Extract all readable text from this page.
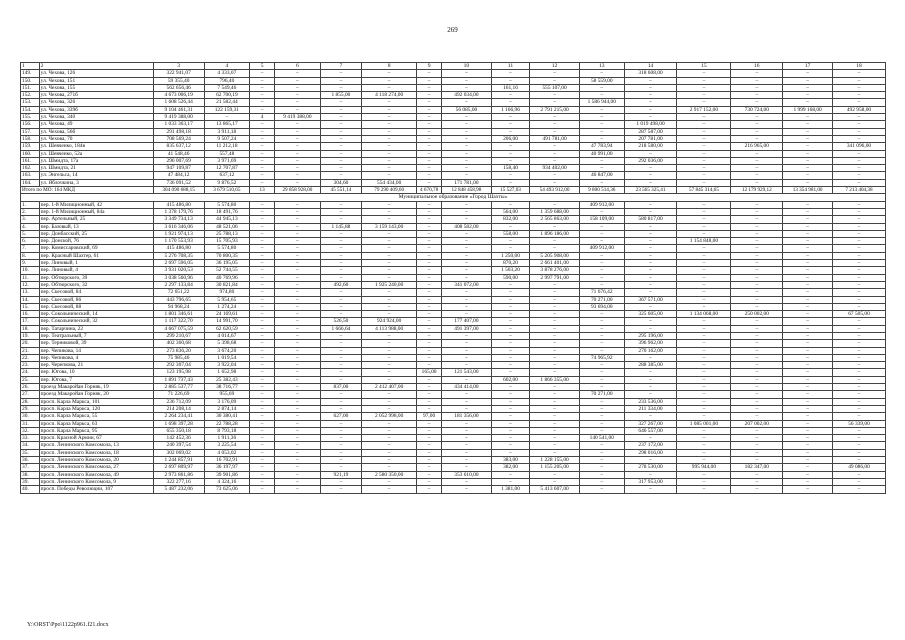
269
1	2	3	4	5	6	7	8	9	10	11	12	13	14	15	16	17	18
149.	ул. Чехова, 126	322 941,07	4 333,07	–	–	–	–	–	–	–	–	–	318 608,00	–	–	–	–
150.	ул. Чехова, 151	59 355,40	796,40	–	–	–	–	–	–	–	–	58 559,00	–	–	–	–	–
151.	ул. Чехова, 155	562 656,46	7 549,46	–	–	–	–	–	–	161,16	555 107,00	–	–	–	–	–	–
152.	ул. Чехова, 271б	4 673 006,19	62 700,19	–	–	1 855,00	4 118 274,00	–	492 034,00	–	–	–	–	–	–	–	–
153.	ул. Чехова, 326	1 608 526,44	21 582,44	–	–	–	–	–	–	–	–	1 586 944,00	–	–	–	–	–
154.	ул. Чехова, 339б	9 104 461,31	122 159,31	–	–	–	–	–	56 085,00	1 166,96	2 791 215,00	–	–	2 917 152,00	730 724,00	1 999 168,00	492 958,00
155.	ул. Чехова, 340	9 419 388,00	–	4	9 419 388,00	–	–	–	–	–	–	–	–	–	–	–	–
156.	ул. Чехова, 49	1 033 363,17	13 865,17	–	–	–	–	–	–	–	–	–	1 019 498,00	–	–	–	–
157.	ул. Чехова, 56б	291 498,18	3 911,18	–	–	–	–	–	–	–	–	–	287 587,00	–	–	–	–
158.	ул. Чехова, 70	708 569,24	9 507,24	–	–	–	–	–	–	206,00	491 781,00	–	207 781,00	–	–	–	–
159.	ул. Шевченко, 184в	835 637,12	11 212,18	–	–	–	–	–	–	–	–	47 783,94	218 580,00	–	216 965,00	–	341 096,00
160.	ул. Шевченко, 52а	41 548,46	557,48	–	–	–	–	–	–	–	–	40 991,00	–	–	–	–	–
161.	ул. Шмидта, 17а	296 007,69	3 971,69	–	–	–	–	–	–	–	–	–	292 036,00	–	–	–	–
162.	ул. Шмидта, 21	947 109,87	12 707,87	–	–	–	–	–	–	158,40	934 402,00	–	–	–	–	–	–
163.	ул. Энгельса, 14	47 484,12	637,12	–	–	–	–	–	–	–	–	46 847,00	–	–	–	–	–
164.	ул. Яблочкина, 3	736 091,52	9 876,52	–	–	304,60	554 434,00	–	171 781,00	–	–	–	–	–	–	–	–
Итого по МО: 164 МКД		304 090 688,15	3 679 510,65	13	29 858 928,00	45 551,14	79 290 409,60	4 670,78	12 848 458,98	15 527,03	54 493 912,00	9 800 514,36	23 565 325,41	57 845 314,65	12 179 929,12	13 354 981,00	7 213 404,38
Муниципальное образование «Город Шахты»																	
1.	пер. 1-й Милиционный, 42	415 486,80	5 574,80	–	–	–	–	–	–	–	–	409 912,00	–	–	–	–	–
2.	пер. 1-й Милиционный, 84а	1 378 179,76	18 491,76	–	–	–	–	–	–	564,00	1 359 688,00	–	–	–	–	–	–
3.	пер. Артельный, 25	3 349 734,13	44 945,13	–	–	–	–	–	–	832,00	2 565 863,00	158 109,00	580 817,00	–	–	–	–
4.	пер. Базовый, 13	3 616 346,06	48 521,06	–	–	1 145,88	3 159 143,00	–	408 582,00	–	–	–	–	–	–	–	–
5.	пер. Донбасский, 25	1 921 974,13	25 788,13	–	–	–	–	–	–	558,00	1 896 186,00	–	–	–	–	–	–
6.	пер. Донской, 76	1 170 553,93	15 705,93	–	–	–	–	–	–	–	–	–	–	1 154 848,00	–	–	–
7.	пер. Комиссаровский, 69	415 486,80	5 574,80	–	–	–	–	–	–	–	–	409 912,00	–	–	–	–	–
8.	пер. Красный Шахтер, 61	5 276 708,35	70 800,35	–	–	–	–	–	–	1 250,00	5 205 908,00	–	–	–	–	–	–
9.	пер. Линовый, 1	2 697 596,05	36 195,05	–	–	–	–	–	–	870,20	2 661 401,00	–	–	–	–	–	–
10.	пер. Линовый, 4	3 931 020,53	52 744,55	–	–	–	–	–	–	1 503,20	3 878 276,00	–	–	–	–	–	–
11.	пер. Обтюрского, 39	3 038 560,96	40 769,96	–	–	–	–	–	–	590,00	2 997 791,00	–	–	–	–	–	–
12.	пер. Обтюрского, 32	2 297 133,84	30 821,84	–	–	492,60	1 925 240,00	–	341 072,00	–	–	–	–	–	–	–	–
13.	пер. Скесовой, 84	72 651,22	974,80	–	–	–	–	–	–	–	–	71 676,42	–	–	–	–	–
14.	пер. Скесовой, 86	443 796,65	5 954,65	–	–	–	–	–	–	–	–	70 271,00	367 571,00	–	–	–	–
15.	пер. Скесовой, 88	94 968,24	1 274,24	–	–	–	–	–	–	–	–	93 694,00	–	–	–	–	–
16.	пер. Сокольнический, 14	1 801 346,61	24 169,61	–	–	–	–	–	–	–	–	–	325 605,00	1 134 068,00	250 002,00	–	67 505,00
17.	пер. Сокольнический, 32	1 117 322,70	14 991,70	–	–	526,50	924 924,00	–	177 407,00	–	–	–	–	–	–	–	–
18.	пер. Татарчина, 22	4 667 075,59	62 620,59	–	–	1 666,64	4 113 988,00	–	491 397,00	–	–	–	–	–	–	–	–
19.	пер. Театральный, 7	299 210,67	4 014,67	–	–	–	–	–	–	–	–	–	295 196,00	–	–	–	–
20.	пер. Терниковой, 39	402 360,68	5 398,68	–	–	–	–	–	–	–	–	–	396 962,00	–	–	–	–
21.	пер. Чепикова, 14	273 836,20	3 674,20	–	–	–	–	–	–	–	–	–	270 162,00	–	–	–	–
22.	пер. Чепикова, 4	75 985,46	1 019,54	–	–	–	–	–	–	–	–	74 965,92	–	–	–	–	–
23.	пер. Черепкова, 21	292 307,04	3 922,04	–	–	–	–	–	–	–	–	–	288 385,00	–	–	–	–
24.	пер. Югова, 10	123 195,98	1 652,98	–	–	–	–	165,00	121 543,00	–	–	–	–	–	–	–	–
25.	пер. Югова, 7	1 891 737,43	25 382,43	–	–	–	–	–	–	602,00	1 866 355,00	–	–	–	–	–	–
26.	проезд Макаройан Горняк, 19	2 885 537,77	38 716,77	–	–	837,00	2 412 407,00	–	434 414,00	–	–	–	–	–	–	–	–
27.	проезд Макаройан Горняк, 20	71 226,69	955,69	–	–	–	–	–	–	–	–	70 271,00	–	–	–	–	–
28.	просп. Карла Маркса, 101	236 712,09	3 176,09	–	–	–	–	–	–	–	–	–	233 536,00	–	–	–	–
29.	просп. Карла Маркса, 120	214 208,14	2 874,14	–	–	–	–	–	–	–	–	–	211 334,00	–	–	–	–
30.	просп. Карла Маркса, 55	2 264 234,41	30 380,41	–	–	627,00	2 052 998,00	97,00	181 356,00	–	–	–	–	–	–	–	–
31.	просп. Карла Маркса, 63	1 698 397,28	22 788,28	–	–	–	–	–	–	–	–	–	327 267,00	1 085 001,00	207 002,00	–	56 339,00
32.	просп. Карла Маркса, 95	655 350,18	8 793,18	–	–	–	–	–	–	–	–	–	646 557,00	–	–	–	–
33.	просп. Красной Армии, 67	142 452,36	1 911,36	–	–	–	–	–	–	–	–	140 541,00	–	–	–	–	–
34.	просп. Ленинского Комсомола, 13	240 397,54	3 225,54	–	–	–	–	–	–	–	–	–	237 172,00	–	–	–	–
35.	просп. Ленинского Комсомола, 18	302 069,02	4 053,02	–	–	–	–	–	–	–	–	–	298 016,00	–	–	–	–
36.	просп. Ленинского Комсомола, 20	1 244 857,91	16 702,91	–	–	–	–	–	–	383,00	1 228 155,00	–	–	–	–	–	–
37.	просп. Ленинского Комсомола, 27	2 697 809,97	36 197,97	–	–	–	–	–	–	382,00	1 155 205,00	–	278 530,00	995 944,00	182 347,00	–	49 086,00
38.	просп. Ленинского Комсомола, 49	2 973 861,86	39 901,86	–	–	921,19	2 580 350,00	–	353 610,00	–	–	–	–	–	–	–	–
39.	просп. Ленинского Комсомола, 9	322 277,16	4 324,16	–	–	–	–	–	–	–	–	–	317 953,00	–	–	–	–
40.	просп. Победы Революции, 107	5 487 232,06	73 625,06	–	–	–	–	–	–	1 381,00	5 413 607,00	–	–	–	–	–	–
Y:\ORST\Ppo\1122p961.f21.docx
